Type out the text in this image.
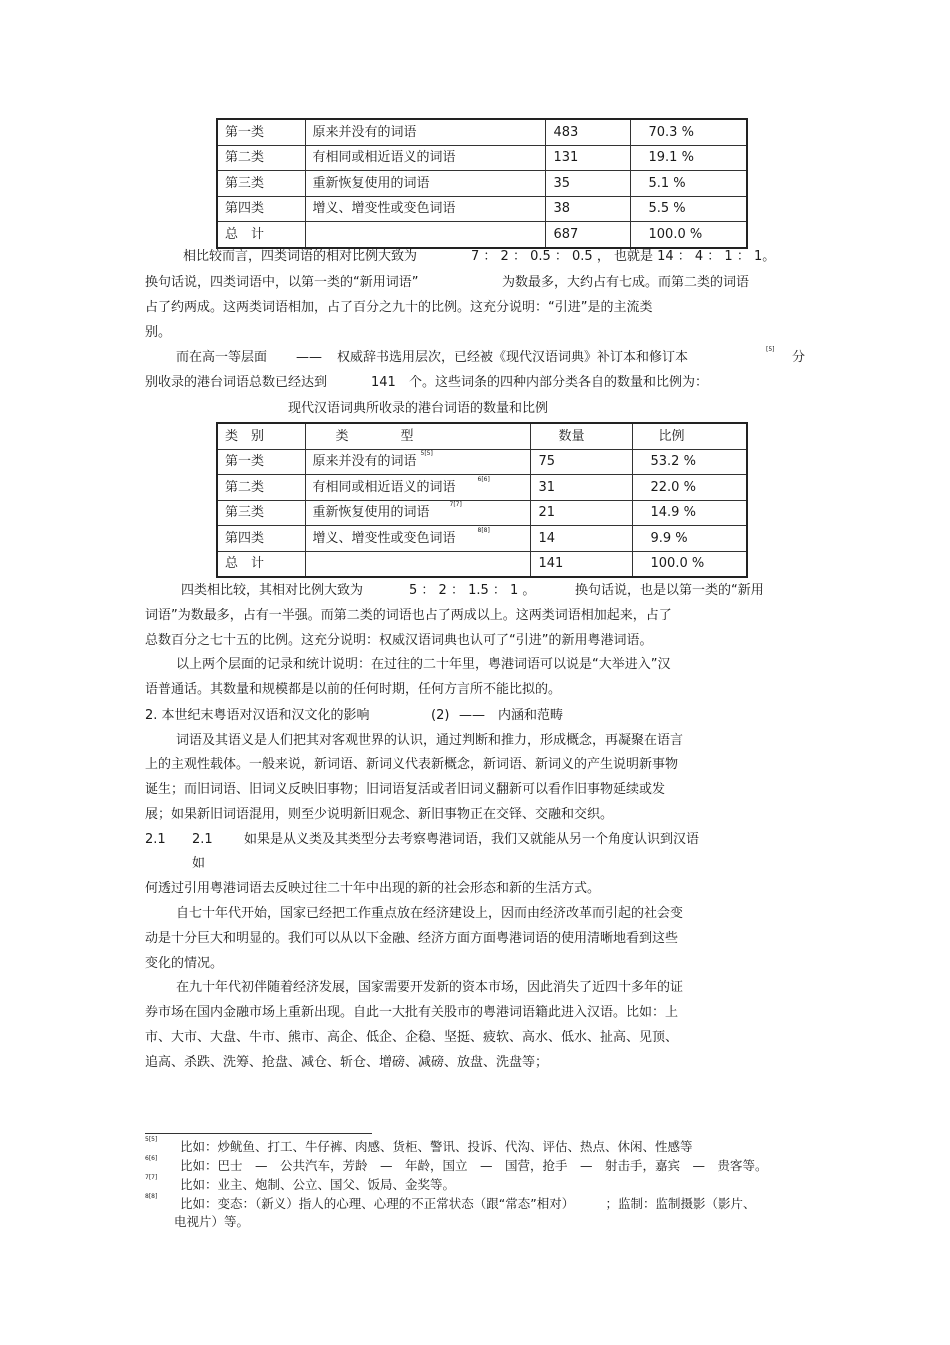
第一类	原来并没有的词语	483	70.3 %
第二类	有相同或相近语义的词语	131	19.1 %
第三类	重新恢复使用的词语	35	5.1 %
第四类	增义、增变性或变色词语	38	5.5 %
总　计		687	100.0 %
相比较而言，四类词语的相对比例大致为	7 ： 2 ： 0.5 ： 0.5 ， 也就是 14 ： 4 ： 1 ： 1。
换句话说，四类词语中，以第一类的“新用词语”	为数最多，大约占有七成。而第二类的词语
占了约两成。这两类词语相加，占了百分之九十的比例。这充分说明：“引进”是的主流类
别。
而在高一等层面 —— 权威辞书选用层次，已经被《现代汉语词典》补订本和修订本
[5]
分
别收录的港台词语总数已经达到	141 个。这些词条的四种内部分类各自的数量和比例为：
现代汉语词典所收录的港台词语的数量和比例
类　别	类　　　　型	数量	比例
第一类	原来并没有的词语$^{5[5]}$	75	53.2 %
第二类	有相同或相近语义的词语$^{6[6]}$	31	22.0 %
第三类	重新恢复使用的词语$^{7[7]}$	21	14.9 %
第四类	增义、增变性或变色词语$^{8[8]}$	14	9.9 %
总　计		141	100.0 %
四类相比较，其相对比例大致为	5 ： 2 ： 1.5 ： 1 。	换句话说，也是以第一类的“新用
词语”为数最多，占有一半强。而第二类的词语也占了两成以上。这两类词语相加起来，占了
总数百分之七十五的比例。这充分说明：权威汉语词典也认可了“引进”的新用粤港词语。
以上两个层面的记录和统计说明：在过往的二十年里，粤港词语可以说是“大举进入”汉
语普通话。其数量和规模都是以前的任何时期，任何方言所不能比拟的。
2. 本世纪末粤语对汉语和汉文化的影响	(2) —— 内涵和范畴
词语及其语义是人们把其对客观世界的认识，通过判断和推力，形成概念，再凝聚在语言
上的主观性载体。一般来说，新词语、新词义代表新概念，新词语、新词义的产生说明新事物
诞生；而旧词语、旧词义反映旧事物；旧词语复活或者旧词义翻新可以看作旧事物延续或发
展；如果新旧词语混用，则至少说明新旧观念、新旧事物正在交铎、交融和交织。
2.1 2.1 如果是从义类及其类型分去考察粤港词语，我们又就能从另一个角度认识到汉语
如
何透过引用粤港词语去反映过往二十年中出现的新的社会形态和新的生活方式。
自七十年代开始，国家已经把工作重点放在经济建设上，因而由经济改革而引起的社会变
动是十分巨大和明显的。我们可以从以下金融、经济方面方面粤港词语的使用清晰地看到这些
变化的情况。
在九十年代初伴随着经济发展，国家需要开发新的资本市场，因此消失了近四十多年的证
券市场在国内金融市场上重新出现。自此一大批有关股市的粤港词语籍此进入汉语。比如：上
市、大市、大盘、牛市、熊市、高企、低企、企稳、坚挺、疲软、高水、低水、扯高、见顶、
追高、杀跌、洗筹、抢盘、减仓、斩仓、增磅、减磅、放盘、洗盘等；
5[5] 比如：炒鱿鱼、打工、牛仔裤、肉感、货柜、警讯、投诉、代沟、评估、热点、休闲、性感等
6[6] 比如：巴士　—　公共汽车，芳龄　—　年龄，国立　—　国营，抢手　—　射击手，嘉宾　—　贵客等。
7[7] 比如：业主、炮制、公立、国父、饭局、金奖等。
8[8] 比如：变态：（新义）指人的心理、心理的不正常状态（跟“常态”相对）　　　；监制：监制摄影（影片、
电视片）等。
